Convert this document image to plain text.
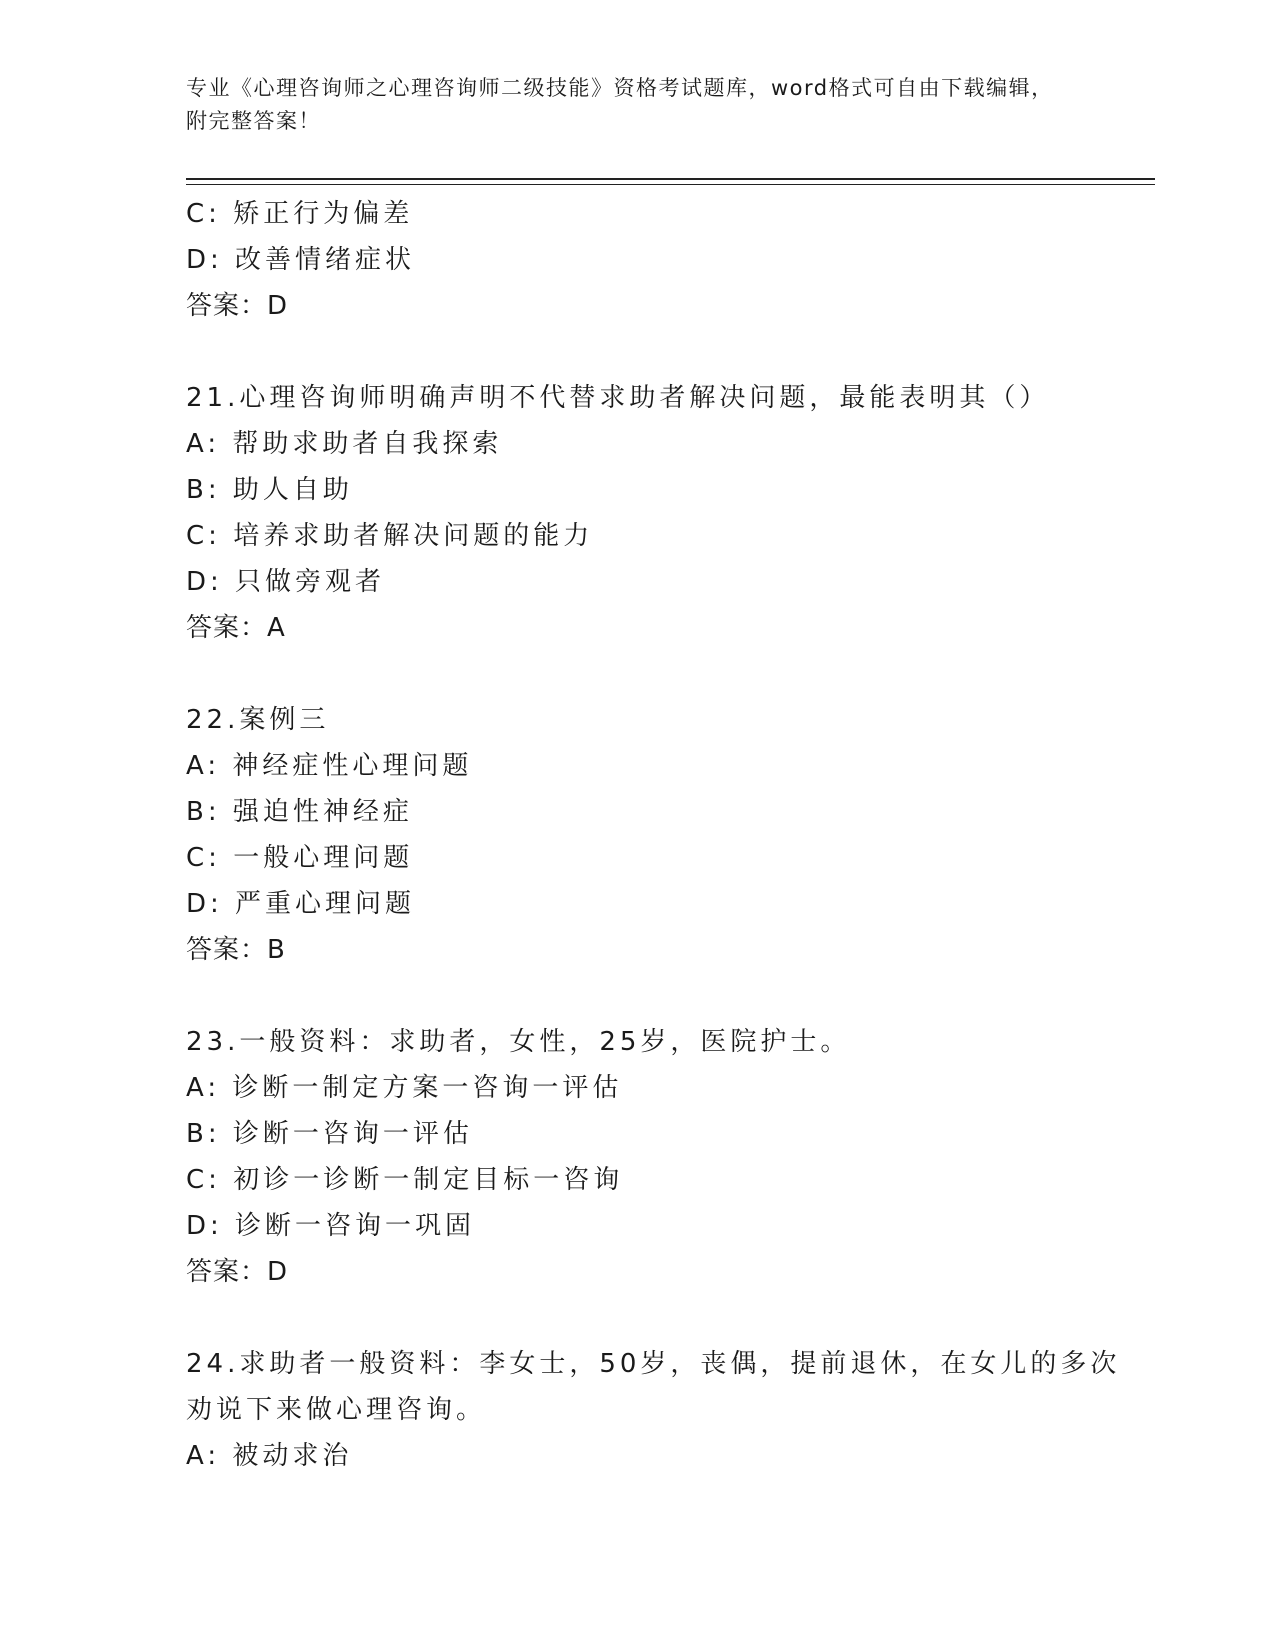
专业《心理咨询师之心理咨询师二级技能》资格考试题库，word格式可自由下载编辑，附完整答案！
C: 矫正行为偏差
D: 改善情绪症状
答案：D
21.心理咨询师明确声明不代替求助者解决问题，最能表明其（）
A: 帮助求助者自我探索
B: 助人自助
C: 培养求助者解决问题的能力
D: 只做旁观者
答案：A
22.案例三
A: 神经症性心理问题
B: 强迫性神经症
C: 一般心理问题
D: 严重心理问题
答案：B
23.一般资料：求助者，女性，25岁，医院护士。
A: 诊断一制定方案一咨询一评估
B: 诊断一咨询一评估
C: 初诊一诊断一制定目标一咨询
D: 诊断一咨询一巩固
答案：D
24.求助者一般资料：李女士，50岁，丧偶，提前退休，在女儿的多次
劝说下来做心理咨询。
A: 被动求治
